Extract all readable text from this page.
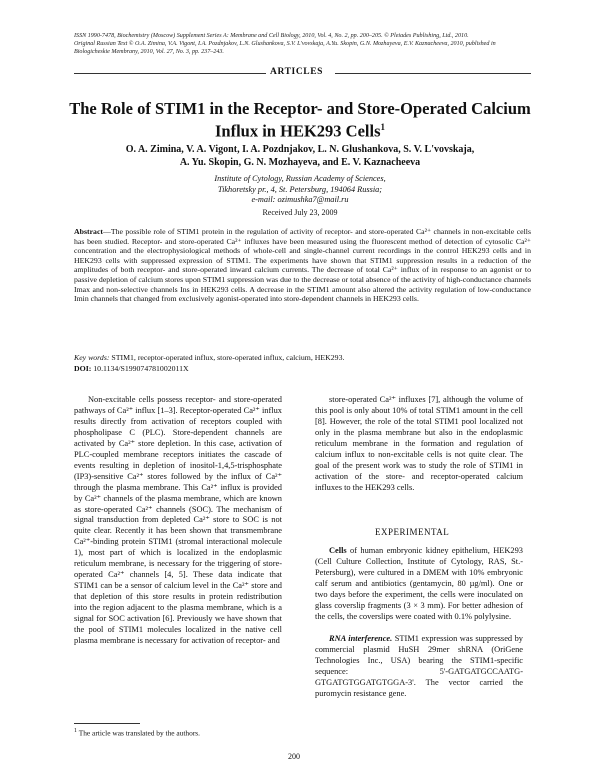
ISSN 1990-7478, Biochemistry (Moscow) Supplement Series A: Membrane and Cell Biology, 2010, Vol. 4, No. 2, pp. 200–205. © Pleiades Publishing, Ltd., 2010.
Original Russian Text © O.A. Zimina, V.A. Vigont, I.A. Pozdnjakov, L.N. Glushankova, S.V. L'vovskaja, A.Yu. Skopin, G.N. Mozhayeva, E.V. Kaznacheeva, 2010, published in
Biologicheskie Membrany, 2010, Vol. 27, No. 3, pp. 237–243.
ARTICLES
The Role of STIM1 in the Receptor- and Store-Operated Calcium
Influx in HEK293 Cells$^1$
O. A. Zimina, V. A. Vigont, I. A. Pozdnjakov, L. N. Glushankova, S. V. L'vovskaja,
A. Yu. Skopin, G. N. Mozhayeva, and E. V. Kaznacheeva
Institute of Cytology, Russian Academy of Sciences,
Tikhoretsky pr., 4, St. Petersburg, 194064 Russia;
e-mail: ozimushka7@mail.ru
Received July 23, 2009
Abstract—The possible role of STIM1 protein in the regulation of activity of receptor- and store-operated Ca²⁺ channels in non-excitable cells has been studied. Receptor- and store-operated Ca²⁺ influxes have been measured using the fluorescent method of detection of cytosolic Ca²⁺ concentration and the electrophysiological methods of whole-cell and single-channel current recordings in the control HEK293 cells and in HEK293 cells with suppressed expression of STIM1. The experiments have shown that STIM1 suppression results in a reduction of the amplitudes of both receptor- and store-operated inward calcium currents. The decrease of total Ca²⁺ influx of in response to an agonist or to passive depletion of calcium stores upon STIM1 suppression was due to the decrease or total absence of the activity of high-conductance channels Imax and non-selective channels Ins in HEK293 cells. A decrease in the STIM1 amount also altered the activity regulation of low-conductance Imin channels that changed from exclusively agonist-operated into store-dependent channels in HEK293 cells.
Key words: STIM1, receptor-operated influx, store-operated influx, calcium, HEK293.
DOI: 10.1134/S199074781002011X

Non-excitable cells possess receptor- and store-operated pathways of Ca²⁺ influx [1–3]. Receptor-operated Ca²⁺ influx results directly from activation of receptors coupled with phospholipase C (PLC). Store-dependent channels are activated by Ca²⁺ store depletion. In this case, activation of PLC-coupled membrane receptors initiates the cascade of events resulting in depletion of inositol-1,4,5-trisphosphate (IP3)-sensitive Ca²⁺ stores followed by the influx of Ca²⁺ through the plasma membrane. This Ca²⁺ influx is provided by Ca²⁺ channels of the plasma membrane, which are known as store-operated Ca²⁺ channels (SOC). The mechanism of signal transduction from depleted Ca²⁺ store to SOC is not quite clear. Recently it has been shown that transmembrane Ca²⁺-binding protein STIM1 (stromal interactional molecule 1), most part of which is localized in the endoplasmic reticulum membrane, is necessary for the triggering of store-operated Ca²⁺ channels [4, 5]. These data indicate that STIM1 can be a sensor of calcium level in the Ca²⁺ store and that depletion of this store results in protein redistribution into the region adjacent to the plasma membrane, which is a signal for SOC activation [6]. Previously we have shown that the pool of STIM1 molecules localized in the native cell plasma membrane is necessary for activation of receptor- and

store-operated Ca²⁺ influxes [7], although the volume of this pool is only about 10% of total STIM1 amount in the cell [8]. However, the role of the total STIM1 pool localized not only in the plasma membrane but also in the endoplasmic reticulum membrane in the formation and regulation of calcium influx to non-excitable cells is not quite clear. The goal of the present work was to study the role of STIM1 in activation of the store- and receptor-operated calcium influxes to the HEK293 cells.

EXPERIMENTAL

Cells of human embryonic kidney epithelium, HEK293 (Cell Culture Collection, Institute of Cytology, RAS, St.-Petersburg), were cultured in a DMEM with 10% embryonic calf serum and antibiotics (gentamycin, 80 µg/ml). One or two days before the experiment, the cells were inoculated on glass coverslip fragments (3 × 3 mm). For better adhesion of the cells, the coverslips were coated with 0.1% polylysine.

RNA interference. STIM1 expression was suppressed by commercial plasmid HuSH 29mer shRNA (OriGene Technologies Inc., USA) bearing the STIM1-specific sequence: 5'-GATGATGCCAATG-GTGATGTGGATGTGGA-3'. The vector carried the puromycin resistance gene.

$^1$ The article was translated by the authors.
200
